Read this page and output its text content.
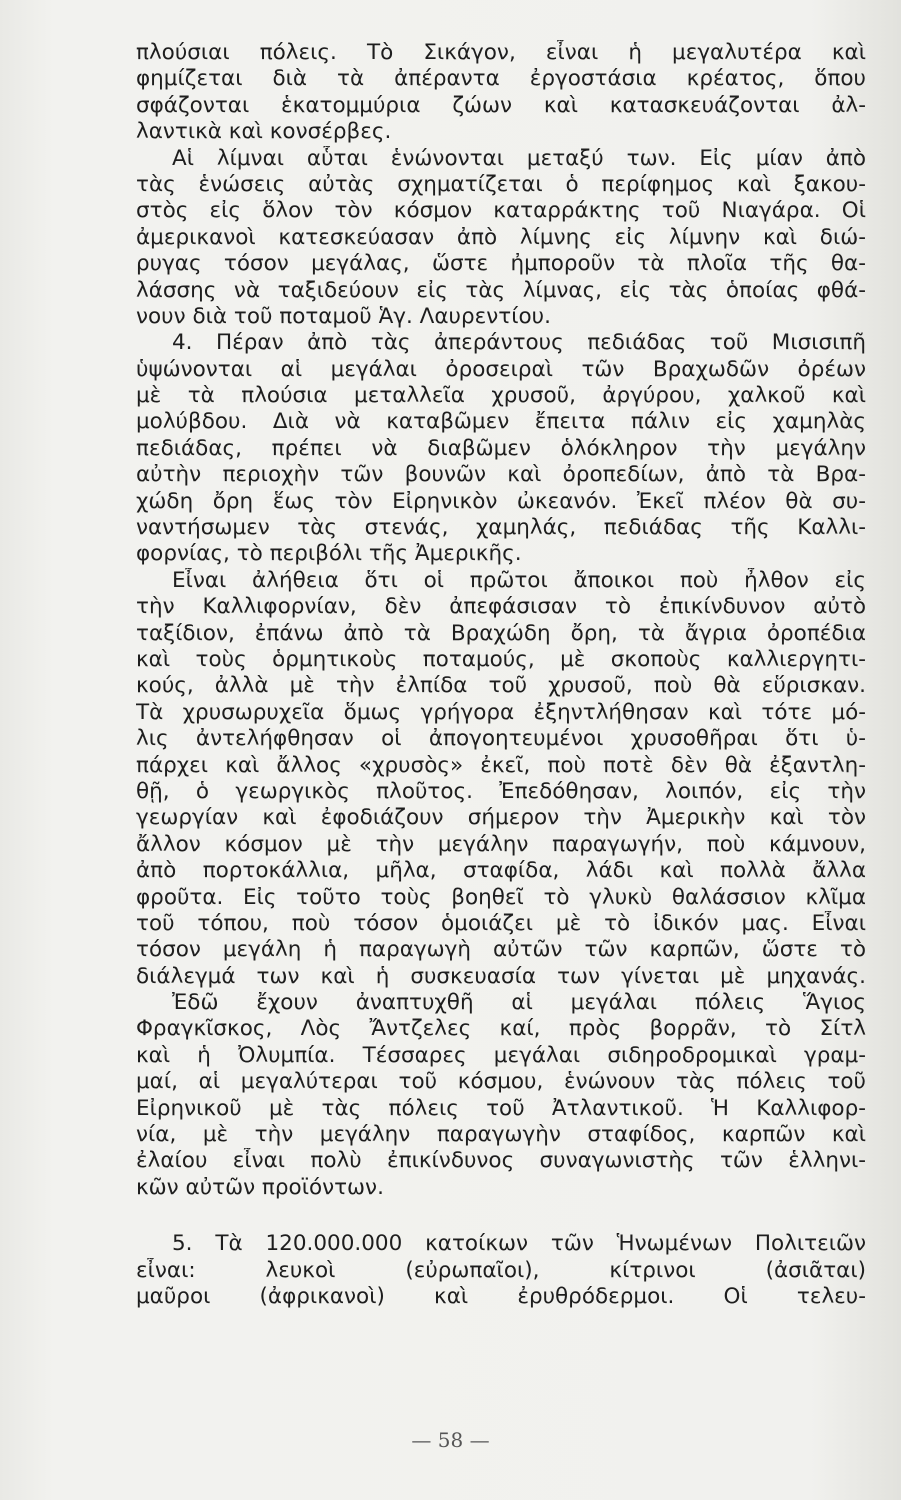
πλούσιαι πόλεις. Τὸ Σικάγον, εἶναι ἡ μεγαλυτέρα καὶ
φημίζεται διὰ τὰ ἀπέραντα ἐργοστάσια κρέατος, ὅπου
σφάζονται ἑκατομμύρια ζώων καὶ κατασκευάζονται ἀλ-
λαντικὰ καὶ κονσέρβες.
Αἱ λίμναι αὗται ἑνώνονται μεταξύ των. Εἰς μίαν ἀπὸ
τὰς ἑνώσεις αὐτὰς σχηματίζεται ὁ περίφημος καὶ ξακου-
στὸς εἰς ὅλον τὸν κόσμον καταρράκτης τοῦ Νιαγάρα. Οἱ
ἀμερικανοὶ κατεσκεύασαν ἀπὸ λίμνης εἰς λίμνην καὶ διώ-
ρυγας τόσον μεγάλας, ὥστε ἠμποροῦν τὰ πλοῖα τῆς θα-
λάσσης νὰ ταξιδεύουν εἰς τὰς λίμνας, εἰς τὰς ὁποίας φθά-
νουν διὰ τοῦ ποταμοῦ Ἁγ. Λαυρεντίου.
4. Πέραν ἀπὸ τὰς ἀπεράντους πεδιάδας τοῦ Μισισιπῆ
ὑψώνονται αἱ μεγάλαι ὀροσειραὶ τῶν Βραχωδῶν ὀρέων
μὲ τὰ πλούσια μεταλλεῖα χρυσοῦ, ἀργύρου, χαλκοῦ καὶ
μολύβδου. Διὰ νὰ καταβῶμεν ἔπειτα πάλιν εἰς χαμηλὰς
πεδιάδας, πρέπει νὰ διαβῶμεν ὁλόκληρον τὴν μεγάλην
αὐτὴν περιοχὴν τῶν βουνῶν καὶ ὀροπεδίων, ἀπὸ τὰ Βρα-
χώδη ὄρη ἕως τὸν Εἰρηνικὸν ὠκεανόν. Ἐκεῖ πλέον θὰ συ-
ναντήσωμεν τὰς στενάς, χαμηλάς, πεδιάδας τῆς Καλλι-
φορνίας, τὸ περιβόλι τῆς Ἀμερικῆς.
Εἶναι ἀλήθεια ὅτι οἱ πρῶτοι ἄποικοι ποὺ ἦλθον εἰς
τὴν Καλλιφορνίαν, δὲν ἀπεφάσισαν τὸ ἐπικίνδυνον αὐτὸ
ταξίδιον, ἐπάνω ἀπὸ τὰ Βραχώδη ὄρη, τὰ ἄγρια ὀροπέδια
καὶ τοὺς ὁρμητικοὺς ποταμούς, μὲ σκοποὺς καλλιεργητι-
κούς, ἀλλὰ μὲ τὴν ἐλπίδα τοῦ χρυσοῦ, ποὺ θὰ εὕρισκαν.
Τὰ χρυσωρυχεῖα ὅμως γρήγορα ἐξηντλήθησαν καὶ τότε μό-
λις ἀντελήφθησαν οἱ ἀπογοητευμένοι χρυσοθῆραι ὅτι ὑ-
πάρχει καὶ ἄλλος «χρυσὸς» ἐκεῖ, ποὺ ποτὲ δὲν θὰ ἐξαντλη-
θῇ, ὁ γεωργικὸς πλοῦτος. Ἐπεδόθησαν, λοιπόν, εἰς τὴν
γεωργίαν καὶ ἐφοδιάζουν σήμερον τὴν Ἀμερικὴν καὶ τὸν
ἄλλον κόσμον μὲ τὴν μεγάλην παραγωγήν, ποὺ κάμνουν,
ἀπὸ πορτοκάλλια, μῆλα, σταφίδα, λάδι καὶ πολλὰ ἄλλα
φροῦτα. Εἰς τοῦτο τοὺς βοηθεῖ τὸ γλυκὺ θαλάσσιον κλῖμα
τοῦ τόπου, ποὺ τόσον ὁμοιάζει μὲ τὸ ἰδικόν μας. Εἶναι
τόσον μεγάλη ἡ παραγωγὴ αὐτῶν τῶν καρπῶν, ὥστε τὸ
διάλεγμά των καὶ ἡ συσκευασία των γίνεται μὲ μηχανάς.
Ἐδῶ ἔχουν ἀναπτυχθῆ αἱ μεγάλαι πόλεις Ἅγιος
Φραγκῖσκος, Λὸς Ἄντζελες καί, πρὸς βορρᾶν, τὸ Σίτλ
καὶ ἡ Ὀλυμπία. Τέσσαρες μεγάλαι σιδηροδρομικαὶ γραμ-
μαί, αἱ μεγαλύτεραι τοῦ κόσμου, ἑνώνουν τὰς πόλεις τοῦ
Εἰρηνικοῦ μὲ τὰς πόλεις τοῦ Ἀτλαντικοῦ. Ἡ Καλλιφορ-
νία, μὲ τὴν μεγάλην παραγωγὴν σταφίδος, καρπῶν καὶ
ἐλαίου εἶναι πολὺ ἐπικίνδυνος συναγωνιστὴς τῶν ἑλληνι-
κῶν αὐτῶν προϊόντων.
5. Τὰ 120.000.000 κατοίκων τῶν Ἡνωμένων Πολιτειῶν
εἶναι: λευκοὶ (εὐρωπαῖοι), κίτρινοι (ἀσιᾶται)
μαῦροι (ἀφρικανοὶ) καὶ ἐρυθρόδερμοι. Οἱ τελευ-
— 58 —
